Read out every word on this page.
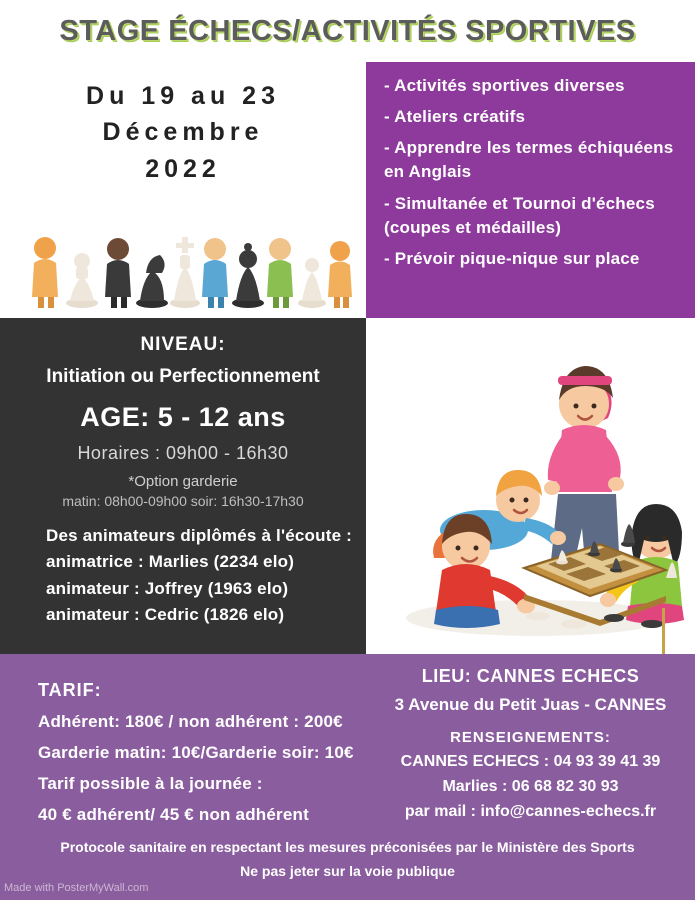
STAGE ÉCHECS/ACTIVITÉS SPORTIVES
Du 19 au 23
Décembre
2022
- Activités sportives diverses
- Ateliers créatifs
- Apprendre les termes échiquéens en Anglais
- Simultanée et Tournoi d'échecs (coupes et médailles)
- Prévoir pique-nique sur place
NIVEAU:
Initiation ou Perfectionnement
AGE: 5 - 12 ans
Horaires : 09h00 - 16h30
*Option garderie
matin: 08h00-09h00 soir: 16h30-17h30
Des animateurs diplômés à l'écoute :
animatrice : Marlies (2234 elo)
animateur : Joffrey (1963 elo)
animateur : Cedric (1826 elo)
TARIF:
Adhérent: 180€ / non adhérent : 200€
Garderie matin: 10€/Garderie soir: 10€
Tarif possible à la journée :
40 € adhérent/ 45 € non adhérent
LIEU: CANNES ECHECS
3 Avenue du Petit Juas - CANNES
RENSEIGNEMENTS:
CANNES ECHECS : 04 93 39 41 39
Marlies : 06 68 82 30 93
par mail : info@cannes-echecs.fr
Protocole sanitaire en respectant les mesures préconisées par le Ministère des Sports
Ne pas jeter sur la voie publique
Made with PosterMyWall.com
